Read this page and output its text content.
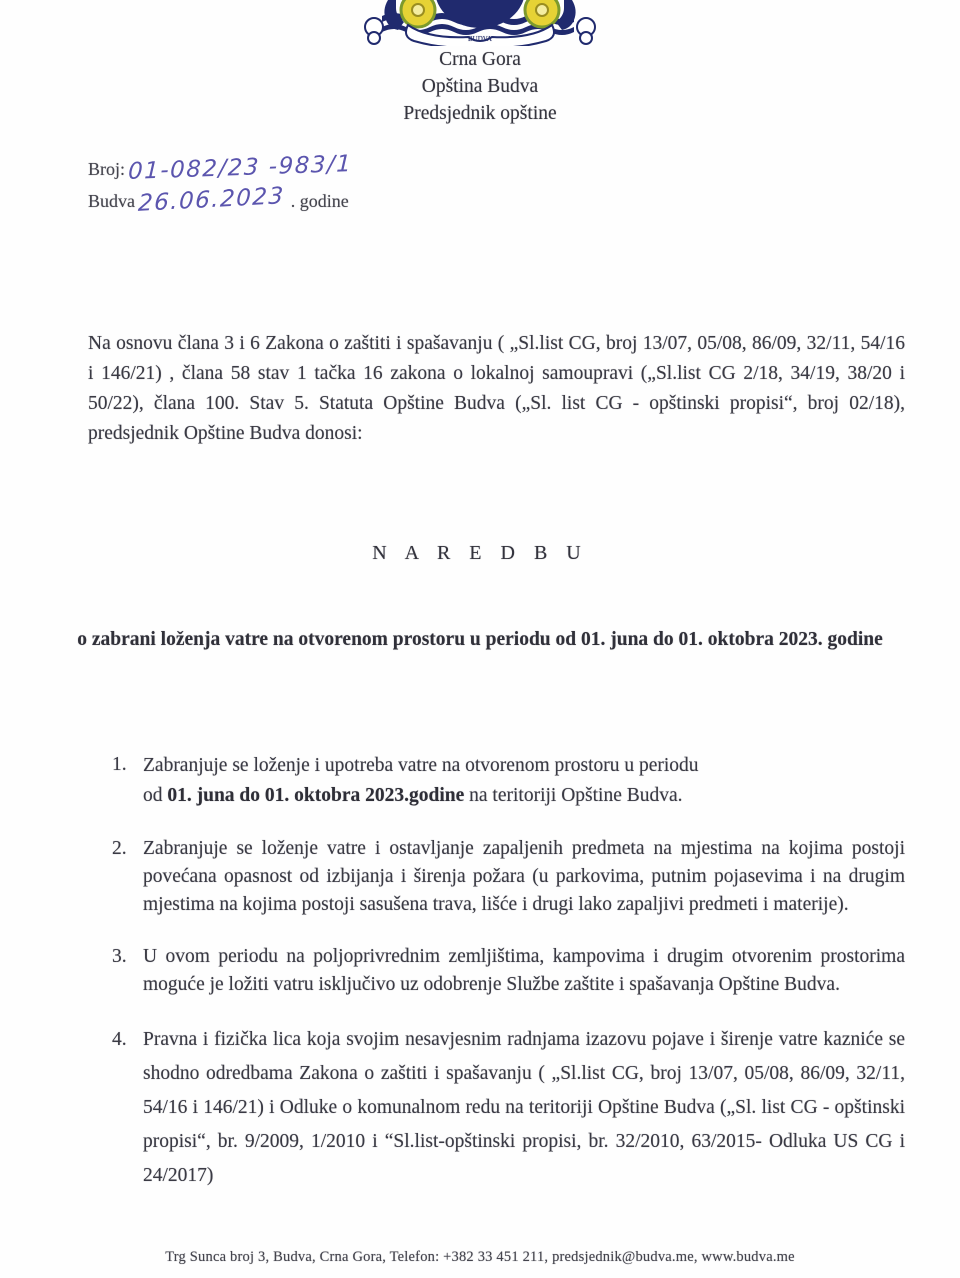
BUDVA
Crna Gora
Opština Budva
Predsjednik opštine
Broj: 01-082/23 -983/1
Budva 26.06.2023 . godine

Na osnovu člana 3 i 6 Zakona o zaštiti i spašavanju ( „Sl.list CG, broj 13/07, 05/08, 86/09, 32/11, 54/16 i 146/21) , člana 58 stav 1 tačka 16 zakona o lokalnoj samoupravi („Sl.list CG 2/18, 34/19, 38/20 i 50/22), člana 100. Stav 5. Statuta Opštine Budva („Sl. list CG - opštinski propisi“, broj 02/18), predsjednik Opštine Budva donosi:

N A R E D B U
o zabrani loženja vatre na otvorenom prostoru u periodu od 01. juna do 01. oktobra 2023. godine
1. Zabranjuje se loženje i upotreba vatre na otvorenom prostoru u periodu
od 01. juna do 01. oktobra 2023.godine na teritoriji Opštine Budva.
2. Zabranjuje se loženje vatre i ostavljanje zapaljenih predmeta na mjestima na kojima postoji povećana opasnost od izbijanja i širenja požara (u parkovima, putnim pojasevima i na drugim mjestima na kojima postoji sasušena trava, lišće i drugi lako zapaljivi predmeti i materije).
3. U ovom periodu na poljoprivrednim zemljištima, kampovima i drugim otvorenim prostorima moguće je ložiti vatru isključivo uz odobrenje Službe zaštite i spašavanja Opštine Budva.
4. Pravna i fizička lica koja svojim nesavjesnim radnjama izazovu pojave i širenje vatre kazniće se shodno odredbama Zakona o zaštiti i spašavanju ( „Sl.list CG, broj 13/07, 05/08, 86/09, 32/11, 54/16 i 146/21) i Odluke o komunalnom redu na teritoriji Opštine Budva („Sl. list CG - opštinski propisi“, br. 9/2009, 1/2010 i “Sl.list-opštinski propisi, br. 32/2010, 63/2015- Odluka US CG i 24/2017)
Trg Sunca broj 3, Budva, Crna Gora, Telefon: +382 33 451 211, predsjednik@budva.me, www.budva.me
